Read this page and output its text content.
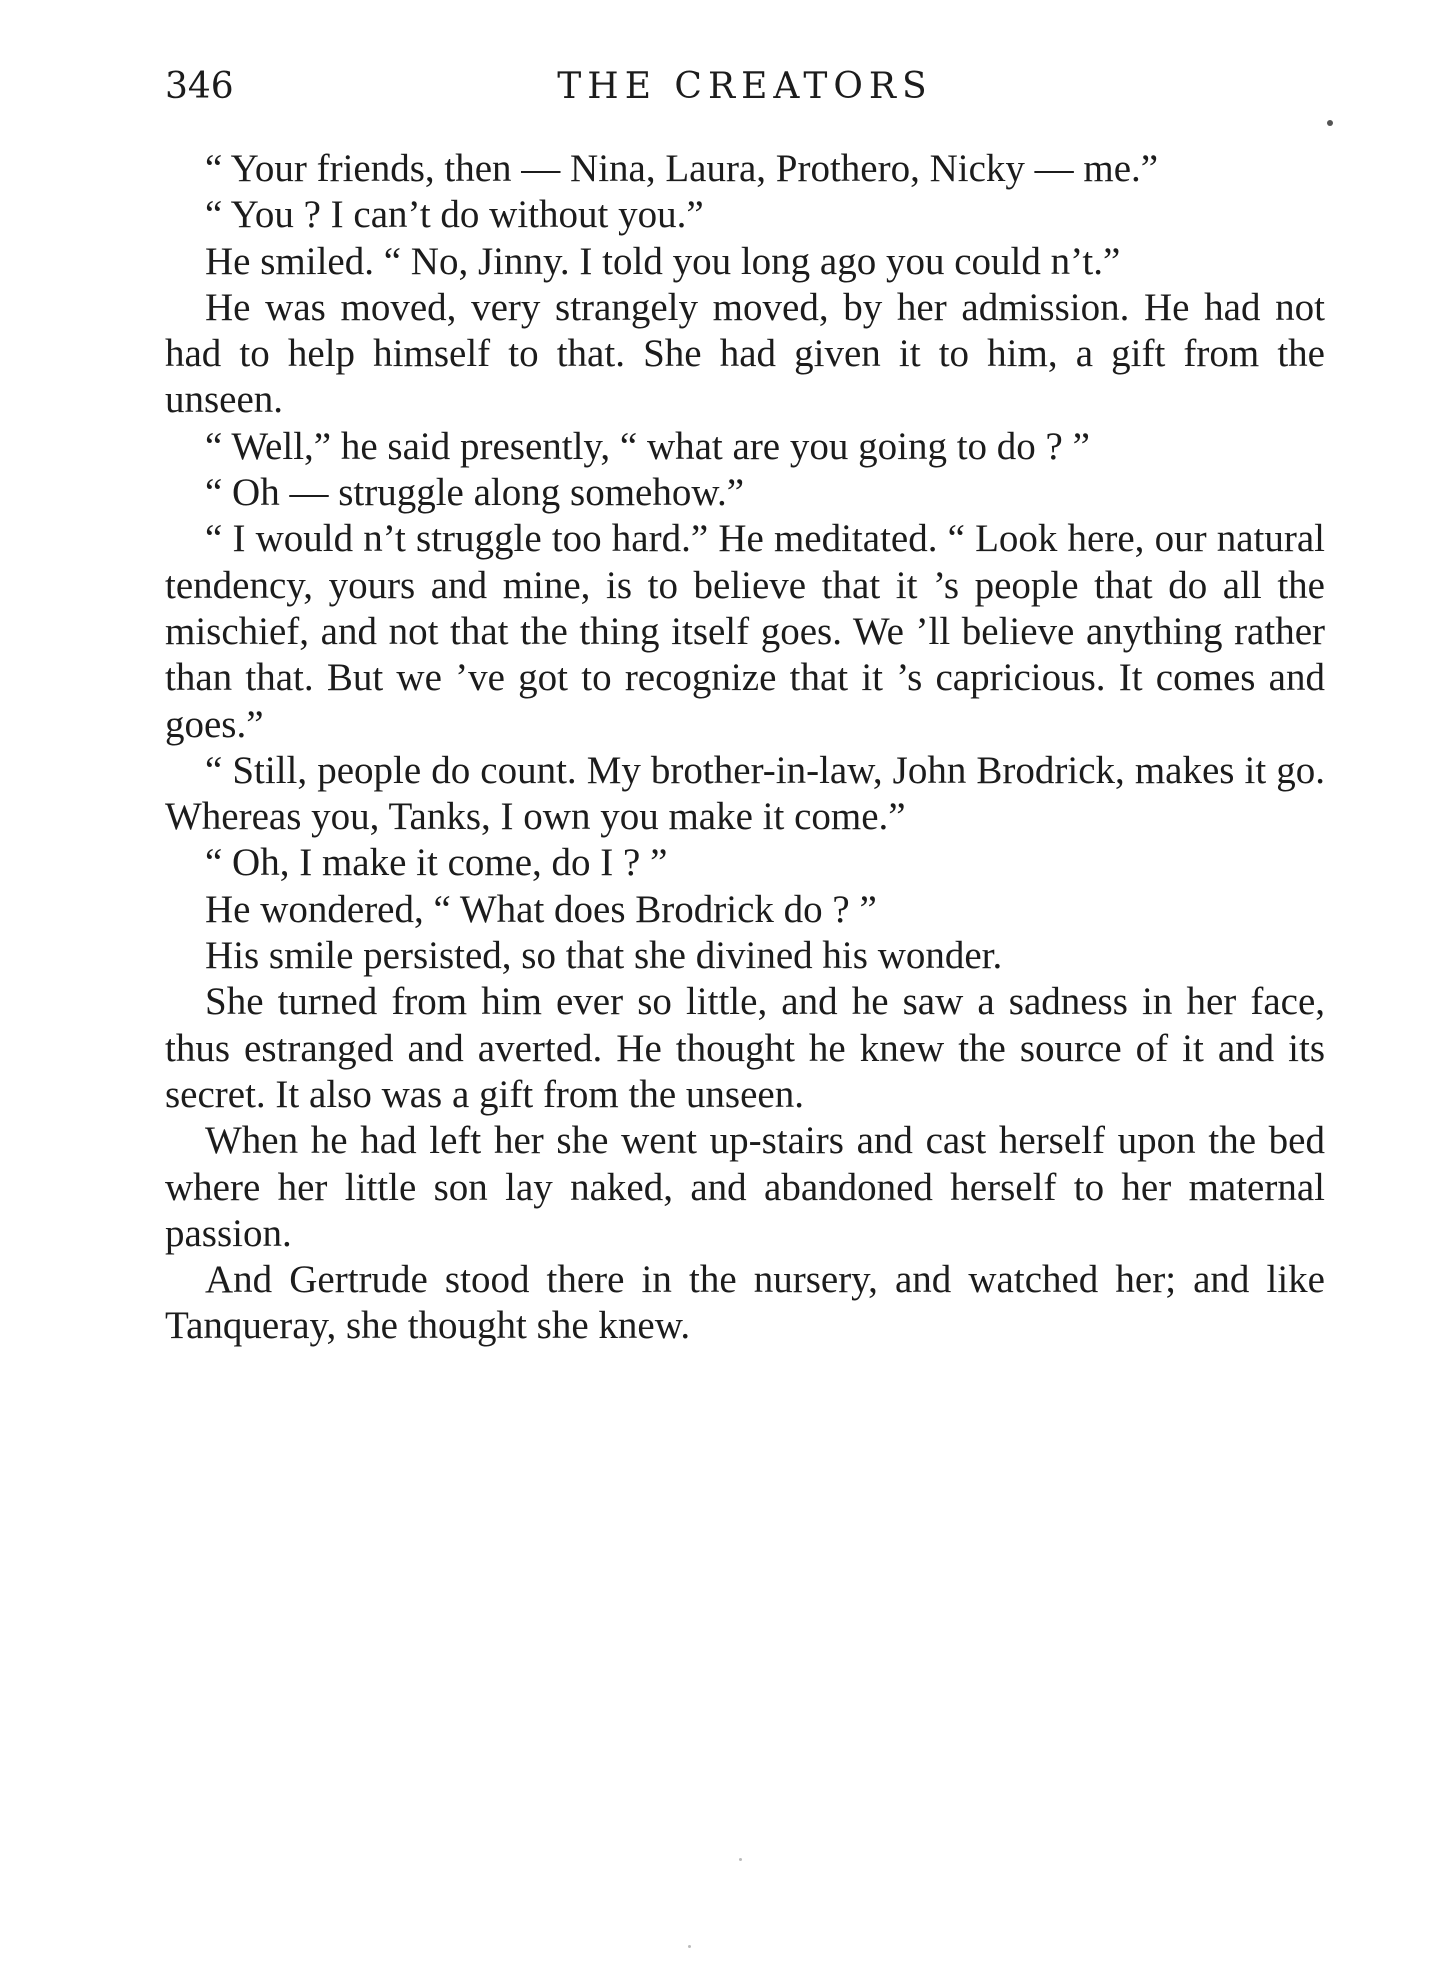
346	THE CREATORS

“ Your friends, then — Nina, Laura, Prothero, Nicky — me.”

“ You ? I can’t do without you.”

He smiled. “ No, Jinny. I told you long ago you could n’t.”

He was moved, very strangely moved, by her admission. He had not had to help himself to that. She had given it to him, a gift from the unseen.

“ Well,” he said presently, “ what are you going to do ? ”

“ Oh — struggle along somehow.”

“ I would n’t struggle too hard.” He meditated. “ Look here, our natural tendency, yours and mine, is to believe that it ’s people that do all the mischief, and not that the thing itself goes. We ’ll believe anything rather than that. But we ’ve got to recognize that it ’s capricious. It comes and goes.”

“ Still, people do count. My brother-in-law, John Brodrick, makes it go. Whereas you, Tanks, I own you make it come.”

“ Oh, I make it come, do I ? ”

He wondered, “ What does Brodrick do ? ”

His smile persisted, so that she divined his wonder.

She turned from him ever so little, and he saw a sadness in her face, thus estranged and averted. He thought he knew the source of it and its secret. It also was a gift from the unseen.

When he had left her she went up-stairs and cast herself upon the bed where her little son lay naked, and abandoned herself to her maternal passion.

And Gertrude stood there in the nursery, and watched her; and like Tanqueray, she thought she knew.
